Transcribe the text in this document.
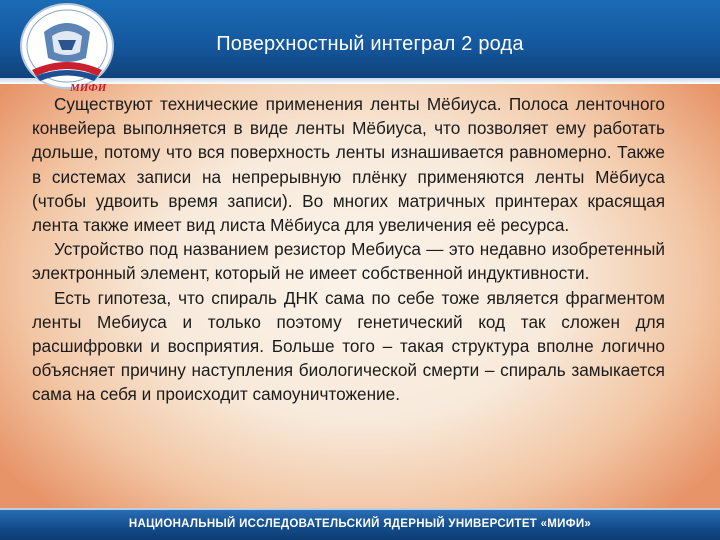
МИФИ
Поверхностный интеграл 2 рода

Существуют технические применения ленты Мёбиуса. Полоса ленточного конвейера выполняется в виде ленты Мёбиуса, что позволяет ему работать дольше, потому что вся поверхность ленты изнашивается равномерно. Также в системах записи на непрерывную плёнку применяются ленты Мёбиуса (чтобы удвоить время записи). Во многих матричных принтерах красящая лента также имеет вид листа Мёбиуса для увеличения её ресурса.

Устройство под названием резистор Мебиуса — это недавно изобретенный электронный элемент, который не имеет собственной индуктивности.

Есть гипотеза, что спираль ДНК сама по себе тоже является фрагментом ленты Мебиуса и только поэтому генетический код так сложен для расшифровки и восприятия. Больше того – такая структура вполне логично объясняет причину наступления биологической смерти – спираль замыкается сама на себя и происходит самоуничтожение.

НАЦИОНАЛЬНЫЙ ИССЛЕДОВАТЕЛЬСКИЙ ЯДЕРНЫЙ УНИВЕРСИТЕТ «МИФИ»
